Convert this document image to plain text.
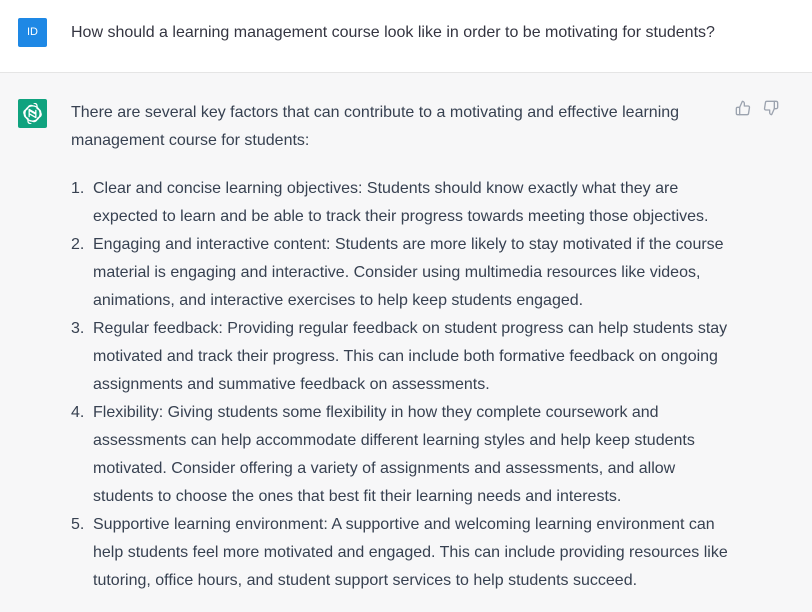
ID	How should a learning management course look like in order to be motivating for students?

There are several key factors that can contribute to a motivating and effective learning management course for students:

1. Clear and concise learning objectives: Students should know exactly what they are expected to learn and be able to track their progress towards meeting those objectives.
2. Engaging and interactive content: Students are more likely to stay motivated if the course material is engaging and interactive. Consider using multimedia resources like videos, animations, and interactive exercises to help keep students engaged.
3. Regular feedback: Providing regular feedback on student progress can help students stay motivated and track their progress. This can include both formative feedback on ongoing assignments and summative feedback on assessments.
4. Flexibility: Giving students some flexibility in how they complete coursework and assessments can help accommodate different learning styles and help keep students motivated. Consider offering a variety of assignments and assessments, and allow students to choose the ones that best fit their learning needs and interests.
5. Supportive learning environment: A supportive and welcoming learning environment can help students feel more motivated and engaged. This can include providing resources like tutoring, office hours, and student support services to help students succeed.
